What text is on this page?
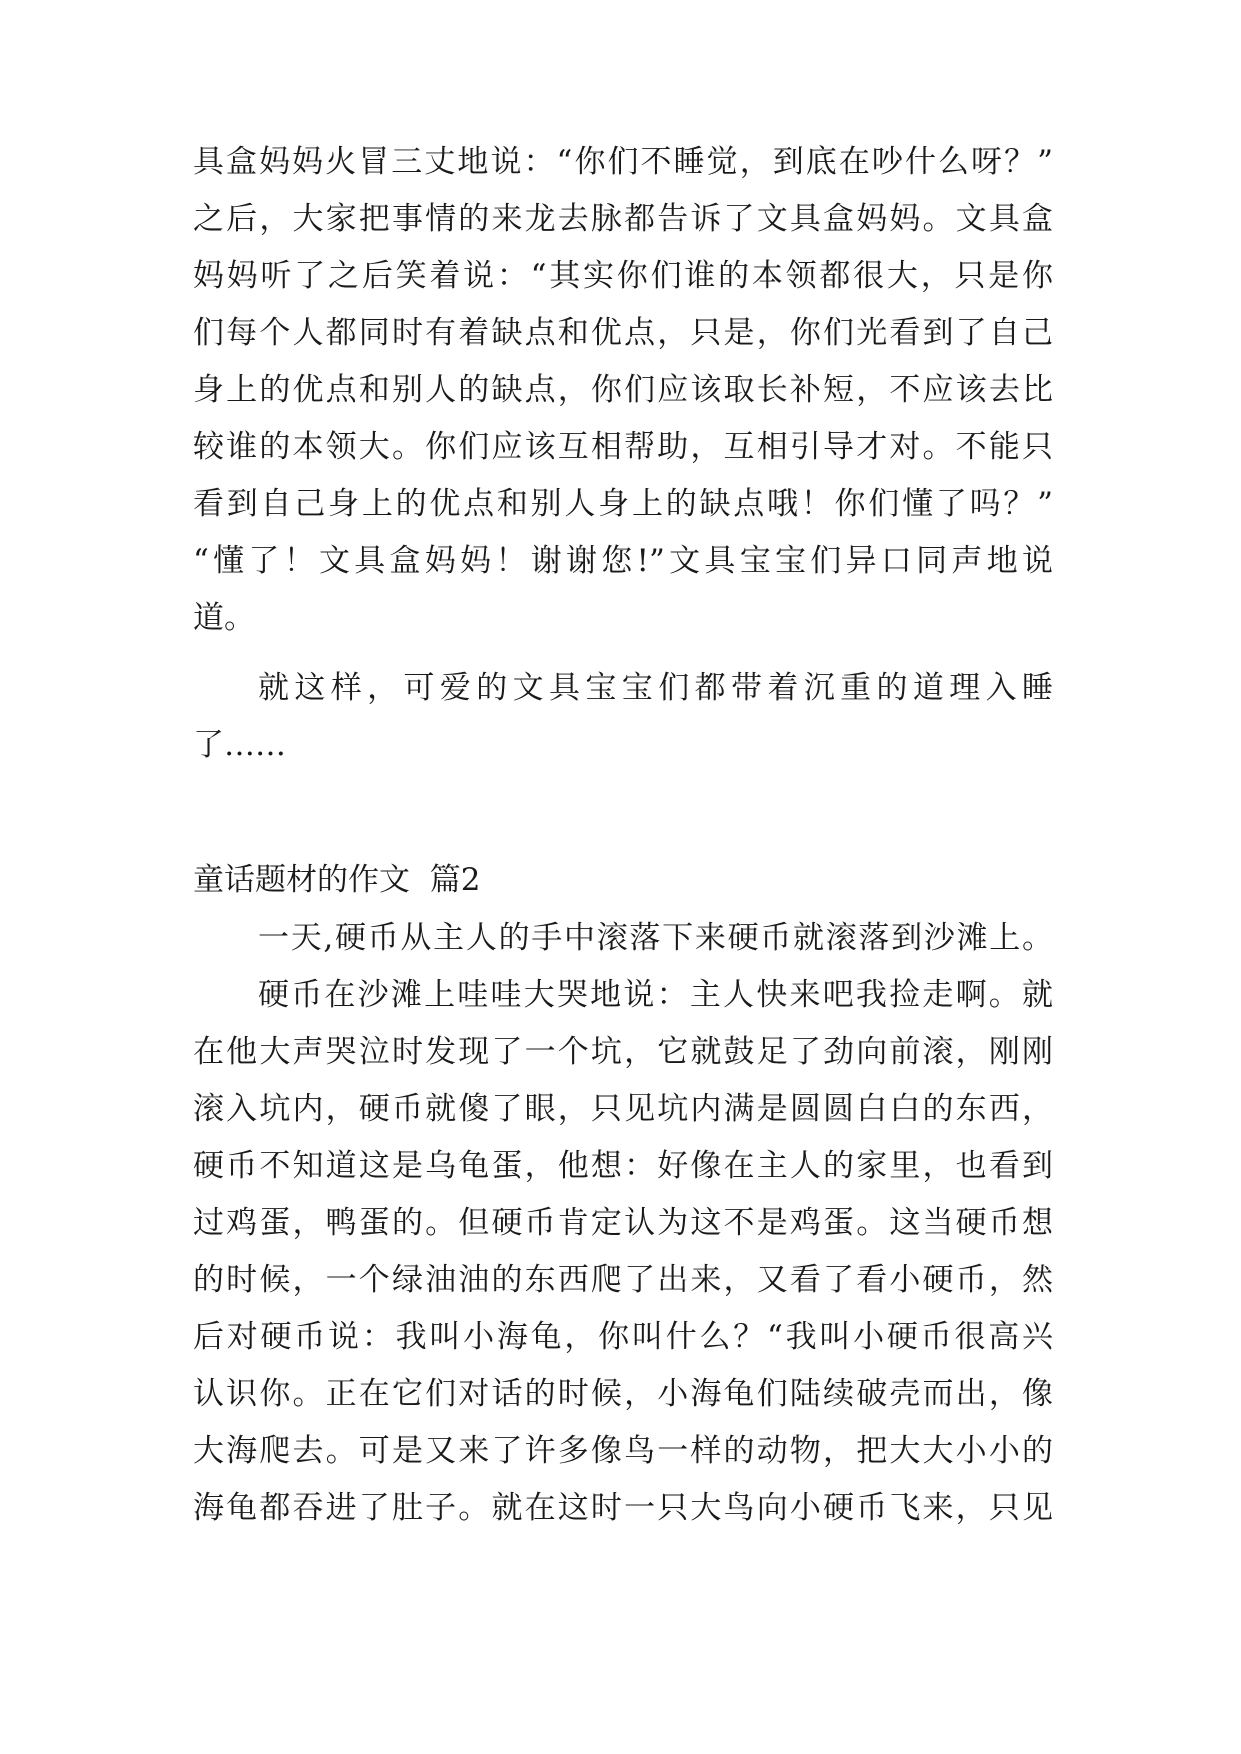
具盒妈妈火冒三丈地说：“你们不睡觉，到底在吵什么呀？”
之后，大家把事情的来龙去脉都告诉了文具盒妈妈。文具盒
妈妈听了之后笑着说：“其实你们谁的本领都很大，只是你
们每个人都同时有着缺点和优点，只是，你们光看到了自己
身上的优点和别人的缺点，你们应该取长补短，不应该去比
较谁的本领大。你们应该互相帮助，互相引导才对。不能只
看到自己身上的优点和别人身上的缺点哦！你们懂了吗？”
“懂了！文具盒妈妈！谢谢您!”文具宝宝们异口同声地说
道。
就这样，可爱的文具宝宝们都带着沉重的道理入睡
了……
童话题材的作文  篇2
一天,硬币从主人的手中滚落下来硬币就滚落到沙滩上。
硬币在沙滩上哇哇大哭地说：主人快来吧我捡走啊。就
在他大声哭泣时发现了一个坑，它就鼓足了劲向前滚，刚刚
滚入坑内，硬币就傻了眼，只见坑内满是圆圆白白的东西，
硬币不知道这是乌龟蛋，他想：好像在主人的家里，也看到
过鸡蛋，鸭蛋的。但硬币肯定认为这不是鸡蛋。这当硬币想
的时候，一个绿油油的东西爬了出来，又看了看小硬币，然
后对硬币说：我叫小海龟，你叫什么？“我叫小硬币很高兴
认识你。正在它们对话的时候，小海龟们陆续破壳而出，像
大海爬去。可是又来了许多像鸟一样的动物，把大大小小的
海龟都吞进了肚子。就在这时一只大鸟向小硬币飞来，只见
